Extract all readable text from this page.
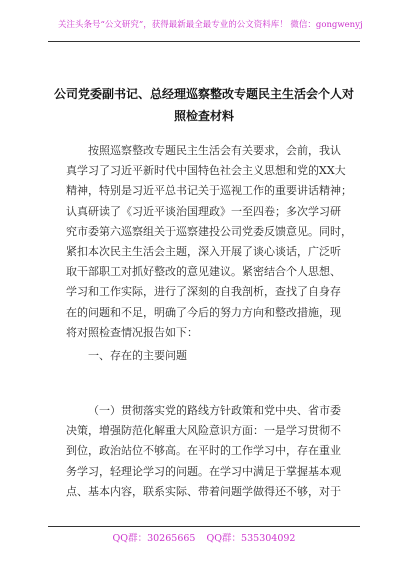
关注头条号“公文研究”，获得最新最全最专业的公文资料库！ 微信：gongwenyj
公司党委副书记、总经理巡察整改专题民主生活会个人对
照检查材料
按照巡察整改专题民主生活会有关要求，会前，我认
真学习了习近平新时代中国特色社会主义思想和党的XX大
精神，特别是习近平总书记关于巡视工作的重要讲话精神；
认真研读了《习近平谈治国理政》一至四卷；多次学习研
究市委第六巡察组关于巡察建投公司党委反馈意见。同时，
紧扣本次民主生活会主题，深入开展了谈心谈话，广泛听
取干部职工对抓好整改的意见建议。紧密结合个人思想、
学习和工作实际，进行了深刻的自我剖析，查找了自身存
在的问题和不足，明确了今后的努力方向和整改措施，现
将对照检查情况报告如下：
一、存在的主要问题
（一）贯彻落实党的路线方针政策和党中央、省市委
决策，增强防范化解重大风险意识方面：一是学习贯彻不
到位，政治站位不够高。在平时的工作学习中，存在重业
务学习，轻理论学习的问题。在学习中满足于掌握基本观
点、基本内容，联系实际、带着问题学做得还不够，对于
QQ群：30265665 QQ群：535304092
